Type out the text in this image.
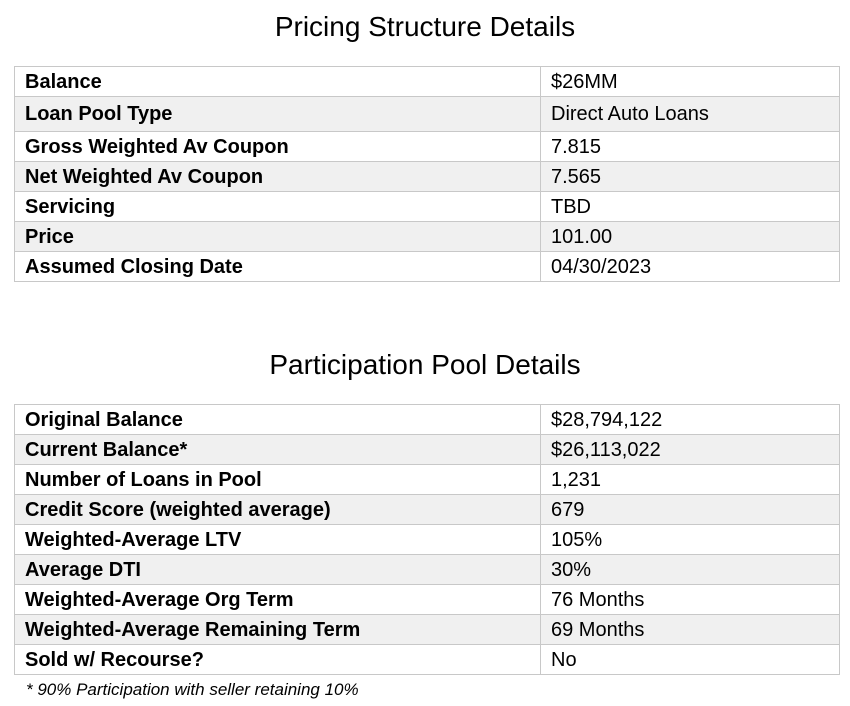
Pricing Structure Details
Balance	$26MM
Loan Pool Type	Direct Auto Loans
Gross Weighted Av Coupon	7.815
Net Weighted Av Coupon	7.565
Servicing	TBD
Price	101.00
Assumed Closing Date	04/30/2023
Participation Pool Details
Original Balance	$28,794,122
Current Balance*	$26,113,022
Number of Loans in Pool	1,231
Credit Score (weighted average)	679
Weighted-Average LTV	105%
Average DTI	30%
Weighted-Average Org Term	76 Months
Weighted-Average Remaining Term	69 Months
Sold w/ Recourse?	No

* 90% Participation with seller retaining 10%
